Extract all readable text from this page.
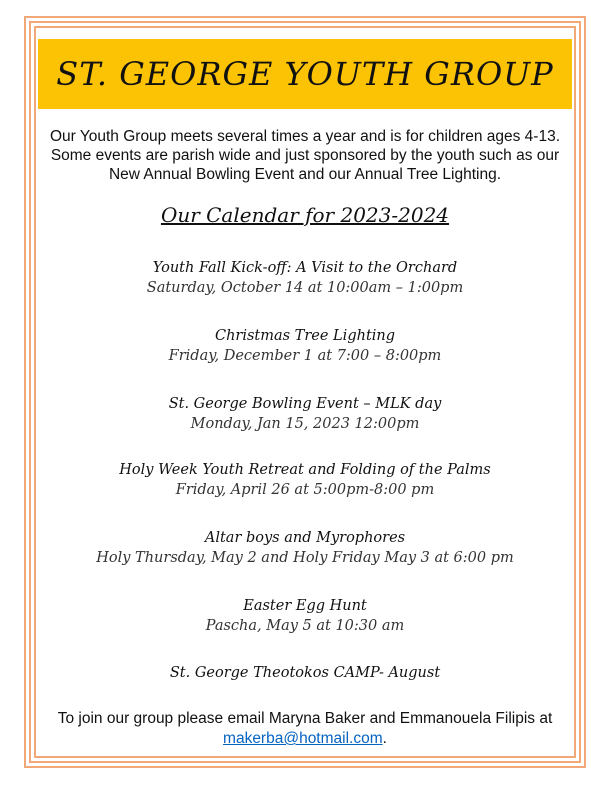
ST. GEORGE YOUTH GROUP
Our Youth Group meets several times a year and is for children ages 4-13.
Some events are parish wide and just sponsored by the youth such as our
New Annual Bowling Event and our Annual Tree Lighting.
Our Calendar for 2023-2024
Youth Fall Kick-off: A Visit to the Orchard
Saturday, October 14 at 10:00am – 1:00pm
Christmas Tree Lighting
Friday, December 1 at 7:00 – 8:00pm
St. George Bowling Event – MLK day
Monday, Jan 15, 2023 12:00pm
Holy Week Youth Retreat and Folding of the Palms
Friday, April 26 at 5:00pm-8:00 pm
Altar boys and Myrophores
Holy Thursday, May 2 and Holy Friday May 3 at 6:00 pm
Easter Egg Hunt
Pascha, May 5 at 10:30 am
St. George Theotokos CAMP- August
To join our group please email Maryna Baker and Emmanouela Filipis at
makerba@hotmail.com.
